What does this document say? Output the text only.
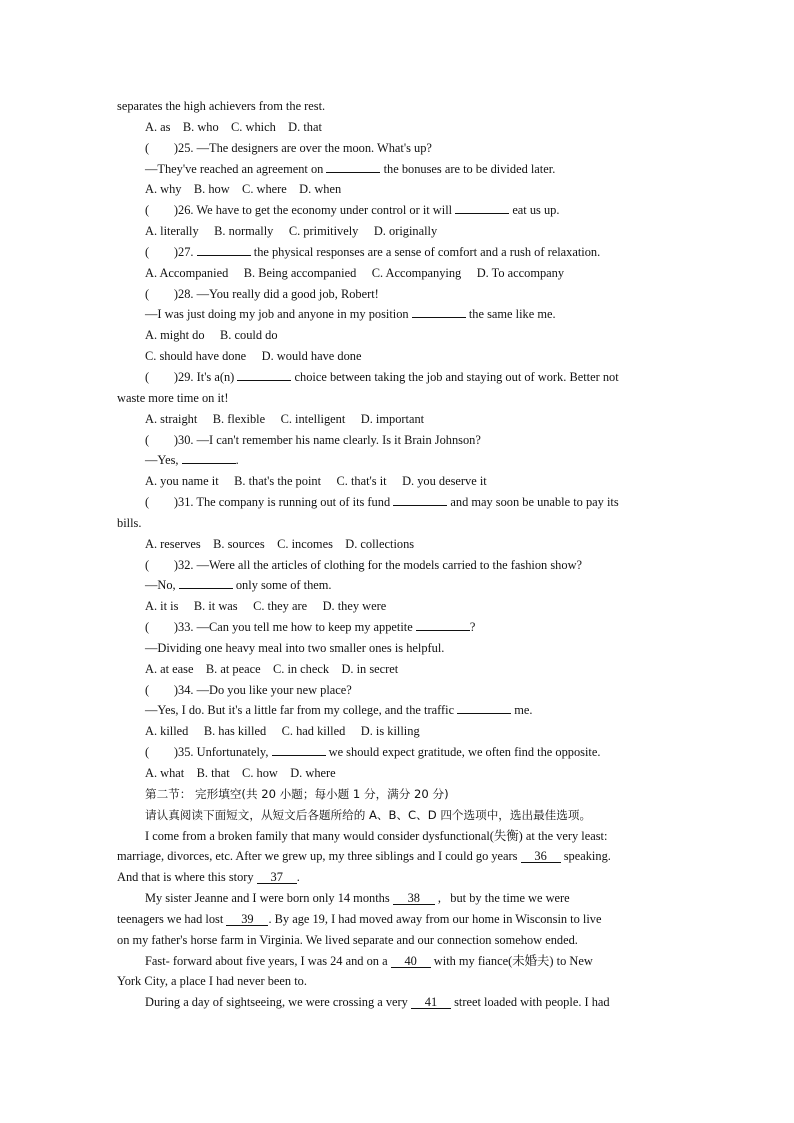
separates the high achievers from the rest.
A. as    B. who    C. which    D. that
(        )25. —The designers are over the moon. What's up?
—They've reached an agreement on	the bonuses are to be divided later.
A. why    B. how    C. where    D. when
(        )26. We have to get the economy under control or it will	eat us up.
A. literally     B. normally     C. primitively     D. originally
(        )27.	the physical responses are a sense of comfort and a rush of relaxation.
A. Accompanied     B. Being accompanied     C. Accompanying     D. To accompany
(        )28. —You really did a good job, Robert!
—I was just doing my job and anyone in my position	the same like me.
A. might do     B. could do
C. should have done     D. would have done
(        )29. It's a(n)	choice between taking the job and staying out of work. Better not
waste more time on it!
A. straight     B. flexible     C. intelligent     D. important
(        )30. —I can't remember his name clearly. Is it Brain Johnson?
—Yes,	.
A. you name it     B. that's the point     C. that's it     D. you deserve it
(        )31. The company is running out of its fund	and may soon be unable to pay its
bills.
A. reserves    B. sources    C. incomes    D. collections
(        )32. —Were all the articles of clothing for the models carried to the fashion show?
—No,	only some of them.
A. it is     B. it was     C. they are     D. they were
(        )33. —Can you tell me how to keep my appetite	?
—Dividing one heavy meal into two smaller ones is helpful.
A. at ease    B. at peace    C. in check    D. in secret
(        )34. —Do you like your new place?
—Yes, I do. But it's a little far from my college, and the traffic	me.
A. killed     B. has killed     C. had killed     D. is killing
(        )35. Unfortunately,	we should expect gratitude, we often find the opposite.
A. what    B. that    C. how    D. where
第二节： 完形填空(共 20 小题；每小题 1 分，满分 20 分)
请认真阅读下面短文，从短文后各题所给的 A、B、C、D 四个选项中，选出最佳选项。
I come from a broken family that many would consider dysfunctional(失衡) at the very least:
marriage, divorces, etc. After we grew up, my three siblings and I could go years 36 speaking.
And that is where this story 37 .
My sister Jeanne and I were born only 14 months 38 ,   but by the time we were
teenagers we had lost 39 . By age 19, I had moved away from our home in Wisconsin to live
on my father's horse farm in Virginia. We lived separate and our connection somehow ended.
Fast- forward about five years, I was 24 and on a 40 with my fiance(未婚夫) to New
York City, a place I had never been to.
During a day of sightseeing, we were crossing a very 41 street loaded with people. I had
